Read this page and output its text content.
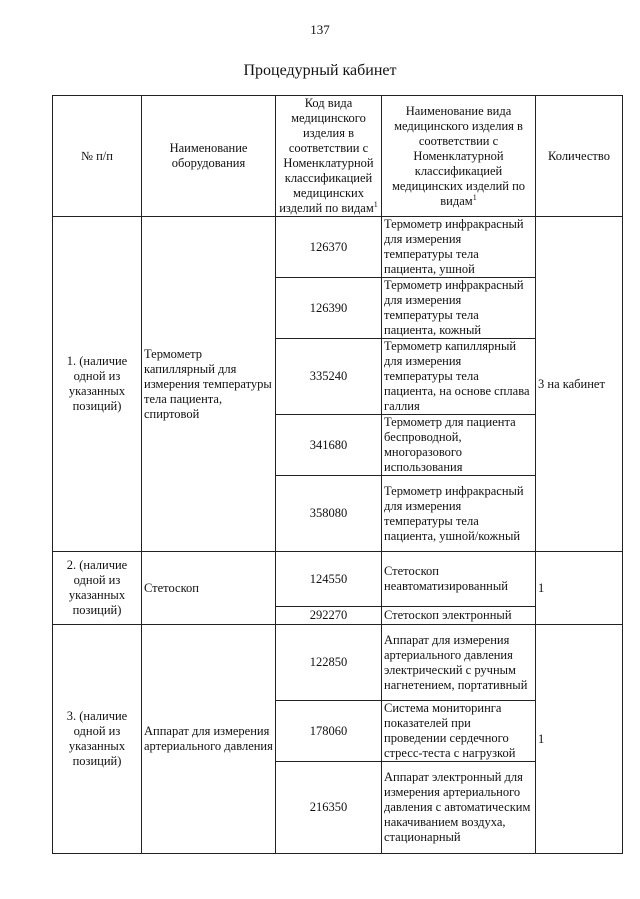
137
Процедурный кабинет
№ п/п	Наименование оборудования	Код вида медицинского изделия в соответствии с Номенклатурной классификацией медицинских изделий по видам$^1$	Наименование вида медицинского изделия в соответствии с Номенклатурной классификацией медицинских изделий по видам$^1$	Количество
1. (наличие одной из указанных позиций)	Термометр капиллярный для измерения температуры тела пациента, спиртовой	126370	Термометр инфракрасный для измерения температуры тела пациента, ушной	3 на кабинет
		126390	Термометр инфракрасный для измерения температуры тела пациента, кожный	
		335240	Термометр капиллярный для измерения температуры тела пациента, на основе сплава галлия	
		341680	Термометр для пациента беспроводной, многоразового использования	
		358080	Термометр инфракрасный для измерения температуры тела пациента, ушной/кожный	
2. (наличие одной из указанных позиций)	Стетоскоп	124550	Стетоскоп неавтоматизированный	1
		292270	Стетоскоп электронный	
3. (наличие одной из указанных позиций)	Аппарат для измерения артериального давления	122850	Аппарат для измерения артериального давления электрический с ручным нагнетением, портативный	1
		178060	Система мониторинга показателей при проведении сердечного стресс-теста с нагрузкой	
		216350	Аппарат электронный для измерения артериального давления с автоматическим накачиванием воздуха, стационарный	
